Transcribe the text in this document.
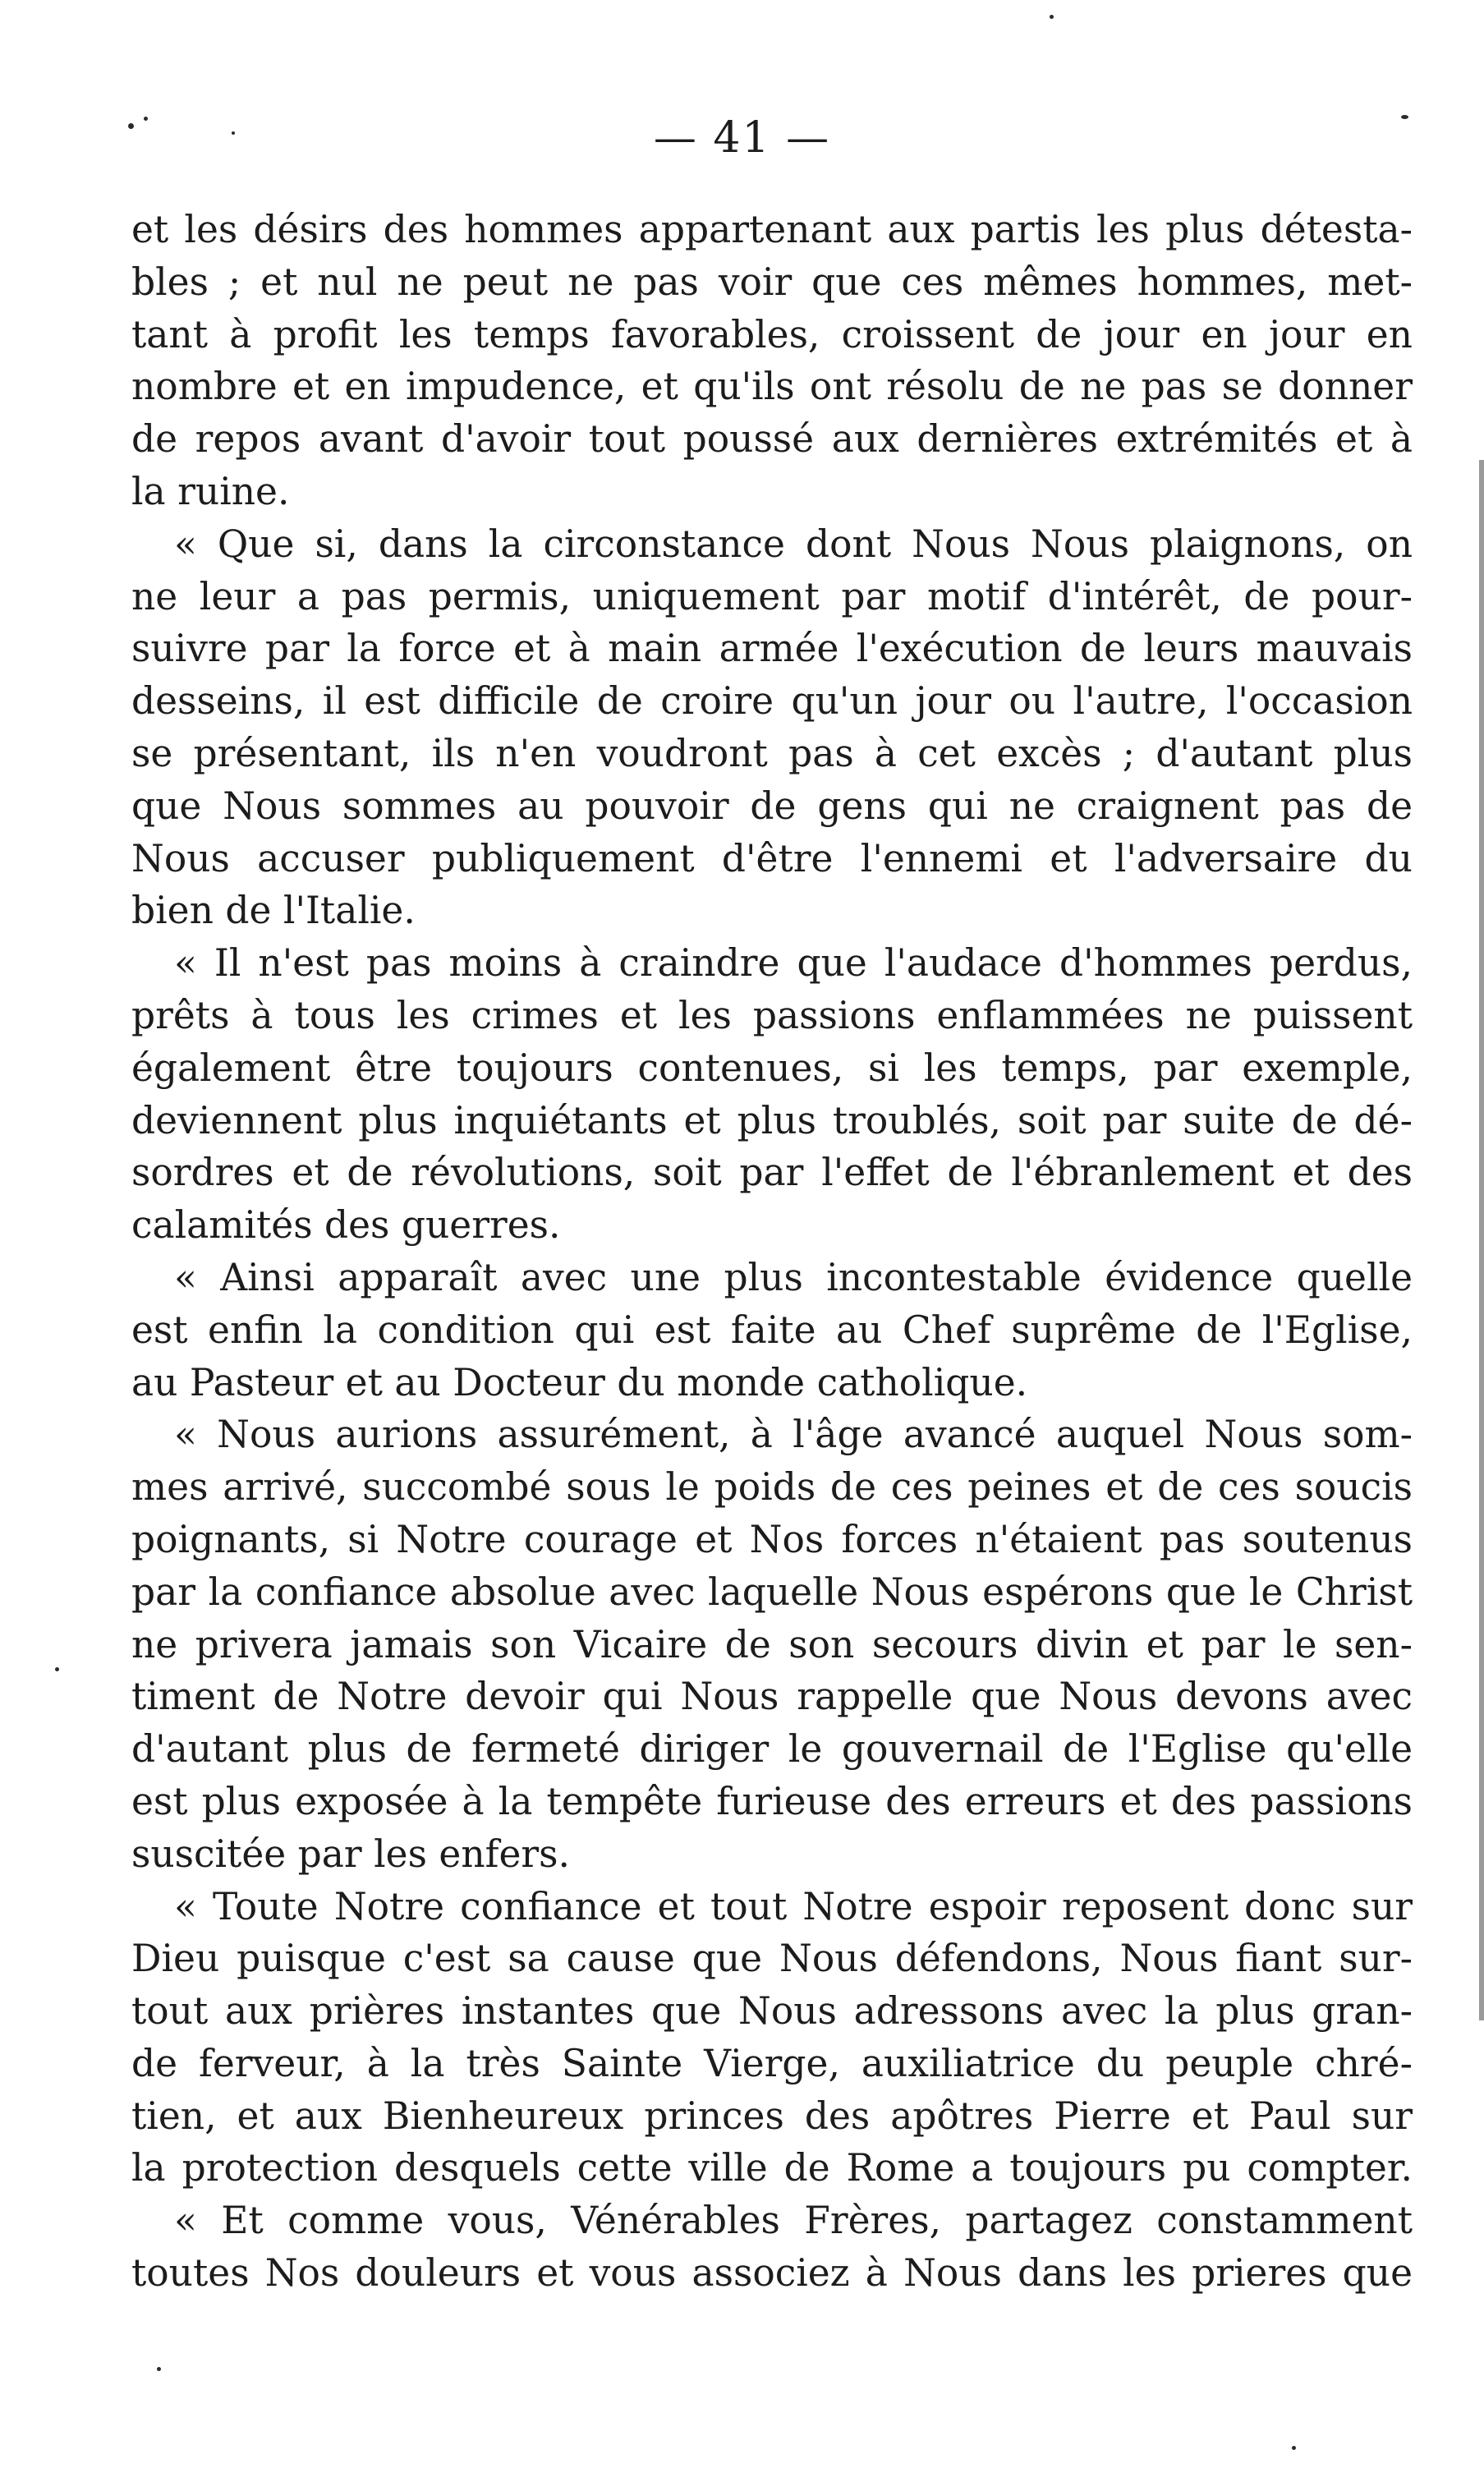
— 41 —
et les désirs des hommes appartenant aux partis les plus détesta-
bles ; et nul ne peut ne pas voir que ces mêmes hommes, met-
tant à profit les temps favorables, croissent de jour en jour en
nombre et en impudence, et qu'ils ont résolu de ne pas se donner
de repos avant d'avoir tout poussé aux dernières extrémités et à
la ruine.
« Que si, dans la circonstance dont Nous Nous plaignons, on
ne leur a pas permis, uniquement par motif d'intérêt, de pour-
suivre par la force et à main armée l'exécution de leurs mauvais
desseins, il est difficile de croire qu'un jour ou l'autre, l'occasion
se présentant, ils n'en voudront pas à cet excès ; d'autant plus
que Nous sommes au pouvoir de gens qui ne craignent pas de
Nous accuser publiquement d'être l'ennemi et l'adversaire du
bien de l'Italie.
« Il n'est pas moins à craindre que l'audace d'hommes perdus,
prêts à tous les crimes et les passions enflammées ne puissent
également être toujours contenues, si les temps, par exemple,
deviennent plus inquiétants et plus troublés, soit par suite de dé-
sordres et de révolutions, soit par l'effet de l'ébranlement et des
calamités des guerres.
« Ainsi apparaît avec une plus incontestable évidence quelle
est enfin la condition qui est faite au Chef suprême de l'Eglise,
au Pasteur et au Docteur du monde catholique.
« Nous aurions assurément, à l'âge avancé auquel Nous som-
mes arrivé, succombé sous le poids de ces peines et de ces soucis
poignants, si Notre courage et Nos forces n'étaient pas soutenus
par la confiance absolue avec laquelle Nous espérons que le Christ
ne privera jamais son Vicaire de son secours divin et par le sen-
timent de Notre devoir qui Nous rappelle que Nous devons avec
d'autant plus de fermeté diriger le gouvernail de l'Eglise qu'elle
est plus exposée à la tempête furieuse des erreurs et des passions
suscitée par les enfers.
« Toute Notre confiance et tout Notre espoir reposent donc sur
Dieu puisque c'est sa cause que Nous défendons, Nous fiant sur-
tout aux prières instantes que Nous adressons avec la plus gran-
de ferveur, à la très Sainte Vierge, auxiliatrice du peuple chré-
tien, et aux Bienheureux princes des apôtres Pierre et Paul sur
la protection desquels cette ville de Rome a toujours pu compter.
« Et comme vous, Vénérables Frères, partagez constamment
toutes Nos douleurs et vous associez à Nous dans les prieres que
